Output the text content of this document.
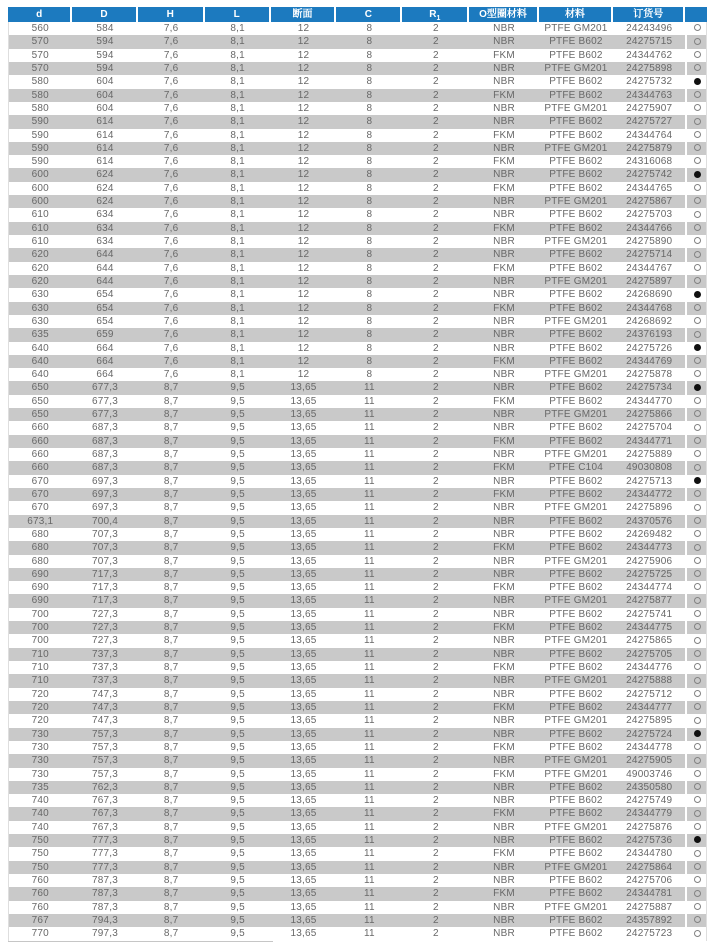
d	D	H	L	断面	C	$R_1$	O型圈材料	材料	订货号	
560	584	7,6	8,1	12	8	2	NBR	PTFE GM201	24243496	
570	594	7,6	8,1	12	8	2	NBR	PTFE B602	24275715	
570	594	7,6	8,1	12	8	2	FKM	PTFE B602	24344762	
570	594	7,6	8,1	12	8	2	NBR	PTFE GM201	24275898	
580	604	7,6	8,1	12	8	2	NBR	PTFE B602	24275732	
580	604	7,6	8,1	12	8	2	FKM	PTFE B602	24344763	
580	604	7,6	8,1	12	8	2	NBR	PTFE GM201	24275907	
590	614	7,6	8,1	12	8	2	NBR	PTFE B602	24275727	
590	614	7,6	8,1	12	8	2	FKM	PTFE B602	24344764	
590	614	7,6	8,1	12	8	2	NBR	PTFE GM201	24275879	
590	614	7,6	8,1	12	8	2	FKM	PTFE B602	24316068	
600	624	7,6	8,1	12	8	2	NBR	PTFE B602	24275742	
600	624	7,6	8,1	12	8	2	FKM	PTFE B602	24344765	
600	624	7,6	8,1	12	8	2	NBR	PTFE GM201	24275867	
610	634	7,6	8,1	12	8	2	NBR	PTFE B602	24275703	
610	634	7,6	8,1	12	8	2	FKM	PTFE B602	24344766	
610	634	7,6	8,1	12	8	2	NBR	PTFE GM201	24275890	
620	644	7,6	8,1	12	8	2	NBR	PTFE B602	24275714	
620	644	7,6	8,1	12	8	2	FKM	PTFE B602	24344767	
620	644	7,6	8,1	12	8	2	NBR	PTFE GM201	24275897	
630	654	7,6	8,1	12	8	2	NBR	PTFE B602	24268690	
630	654	7,6	8,1	12	8	2	FKM	PTFE B602	24344768	
630	654	7,6	8,1	12	8	2	NBR	PTFE GM201	24268692	
635	659	7,6	8,1	12	8	2	NBR	PTFE B602	24376193	
640	664	7,6	8,1	12	8	2	NBR	PTFE B602	24275726	
640	664	7,6	8,1	12	8	2	FKM	PTFE B602	24344769	
640	664	7,6	8,1	12	8	2	NBR	PTFE GM201	24275878	
650	677,3	8,7	9,5	13,65	11	2	NBR	PTFE B602	24275734	
650	677,3	8,7	9,5	13,65	11	2	FKM	PTFE B602	24344770	
650	677,3	8,7	9,5	13,65	11	2	NBR	PTFE GM201	24275866	
660	687,3	8,7	9,5	13,65	11	2	NBR	PTFE B602	24275704	
660	687,3	8,7	9,5	13,65	11	2	FKM	PTFE B602	24344771	
660	687,3	8,7	9,5	13,65	11	2	NBR	PTFE GM201	24275889	
660	687,3	8,7	9,5	13,65	11	2	FKM	PTFE C104	49030808	
670	697,3	8,7	9,5	13,65	11	2	NBR	PTFE B602	24275713	
670	697,3	8,7	9,5	13,65	11	2	FKM	PTFE B602	24344772	
670	697,3	8,7	9,5	13,65	11	2	NBR	PTFE GM201	24275896	
673,1	700,4	8,7	9,5	13,65	11	2	NBR	PTFE B602	24370576	
680	707,3	8,7	9,5	13,65	11	2	NBR	PTFE B602	24269482	
680	707,3	8,7	9,5	13,65	11	2	FKM	PTFE B602	24344773	
680	707,3	8,7	9,5	13,65	11	2	NBR	PTFE GM201	24275906	
690	717,3	8,7	9,5	13,65	11	2	NBR	PTFE B602	24275725	
690	717,3	8,7	9,5	13,65	11	2	FKM	PTFE B602	24344774	
690	717,3	8,7	9,5	13,65	11	2	NBR	PTFE GM201	24275877	
700	727,3	8,7	9,5	13,65	11	2	NBR	PTFE B602	24275741	
700	727,3	8,7	9,5	13,65	11	2	FKM	PTFE B602	24344775	
700	727,3	8,7	9,5	13,65	11	2	NBR	PTFE GM201	24275865	
710	737,3	8,7	9,5	13,65	11	2	NBR	PTFE B602	24275705	
710	737,3	8,7	9,5	13,65	11	2	FKM	PTFE B602	24344776	
710	737,3	8,7	9,5	13,65	11	2	NBR	PTFE GM201	24275888	
720	747,3	8,7	9,5	13,65	11	2	NBR	PTFE B602	24275712	
720	747,3	8,7	9,5	13,65	11	2	FKM	PTFE B602	24344777	
720	747,3	8,7	9,5	13,65	11	2	NBR	PTFE GM201	24275895	
730	757,3	8,7	9,5	13,65	11	2	NBR	PTFE B602	24275724	
730	757,3	8,7	9,5	13,65	11	2	FKM	PTFE B602	24344778	
730	757,3	8,7	9,5	13,65	11	2	NBR	PTFE GM201	24275905	
730	757,3	8,7	9,5	13,65	11	2	FKM	PTFE GM201	49003746	
735	762,3	8,7	9,5	13,65	11	2	NBR	PTFE B602	24350580	
740	767,3	8,7	9,5	13,65	11	2	NBR	PTFE B602	24275749	
740	767,3	8,7	9,5	13,65	11	2	FKM	PTFE B602	24344779	
740	767,3	8,7	9,5	13,65	11	2	NBR	PTFE GM201	24275876	
750	777,3	8,7	9,5	13,65	11	2	NBR	PTFE B602	24275736	
750	777,3	8,7	9,5	13,65	11	2	FKM	PTFE B602	24344780	
750	777,3	8,7	9,5	13,65	11	2	NBR	PTFE GM201	24275864	
760	787,3	8,7	9,5	13,65	11	2	NBR	PTFE B602	24275706	
760	787,3	8,7	9,5	13,65	11	2	FKM	PTFE B602	24344781	
760	787,3	8,7	9,5	13,65	11	2	NBR	PTFE GM201	24275887	
767	794,3	8,7	9,5	13,65	11	2	NBR	PTFE B602	24357892	
770	797,3	8,7	9,5	13,65	11	2	NBR	PTFE B602	24275723	
